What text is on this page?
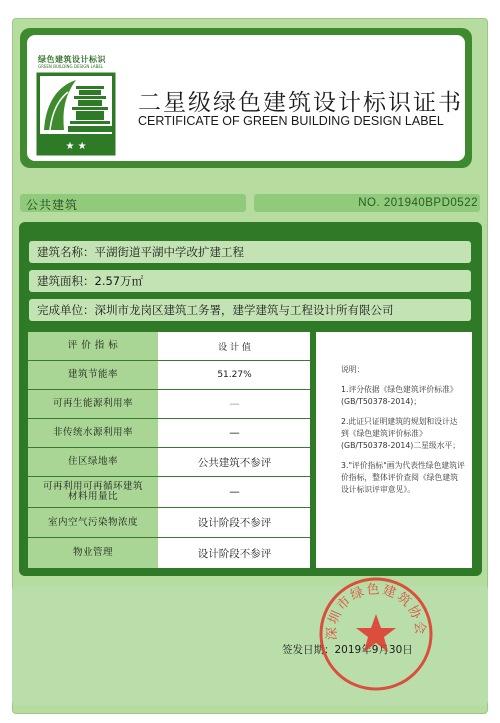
绿色建筑设计标识
GREEN BUILDING DESIGN LABEL
★ ★
二星级绿色建筑设计标识证书
CERTIFICATE OF GREEN BUILDING DESIGN LABEL
公共建筑	NO. 201940BPD0522
建筑名称：平湖街道平湖中学改扩建工程
建筑面积：2.57万㎡
完成单位：深圳市龙岗区建筑工务署，建学建筑与工程设计所有限公司
评 价 指 标	设 计 值
建筑节能率	51.27%
可再生能源利用率	—
非传统水源利用率	—
住区绿地率	公共建筑不参评
可再利用可再循环建筑材料用量比	—
室内空气污染物浓度	设计阶段不参评
物业管理	设计阶段不参评

说明：

1.评分依据《绿色建筑评价标准》(GB/T50378-2014)；

2.此证只证明建筑的规划和设计达到《绿色建筑评价标准》(GB/T50378-2014)二星级水平；

3."评价指标"画为代表性绿色建筑评价指标，整体评价查阅《绿色建筑设计标识评审意见》。

签发日期：2019年9月30日
深圳市绿色建筑协会
